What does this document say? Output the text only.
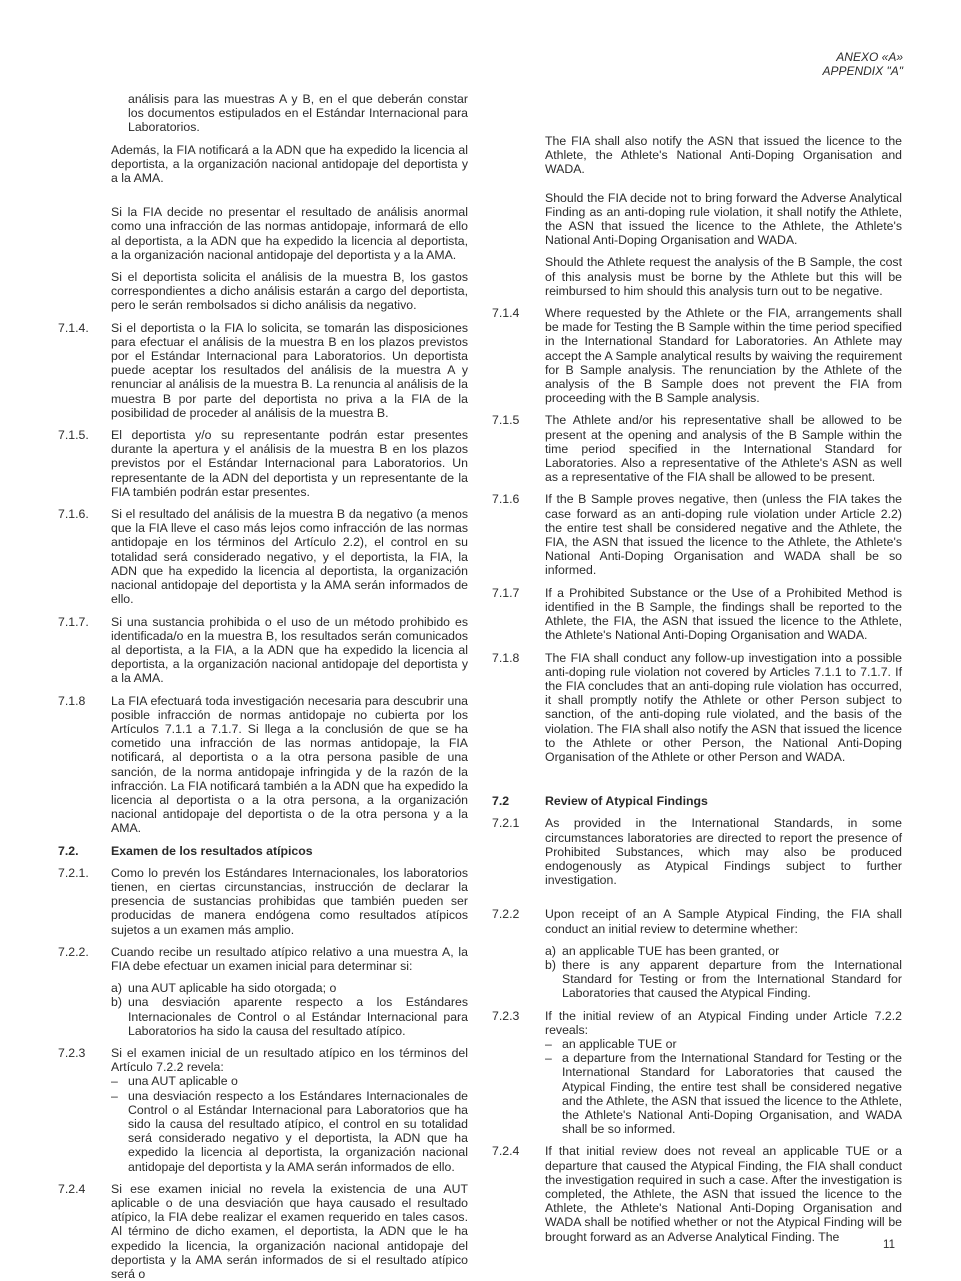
ANEXO «A»
APPENDIX "A"

análisis para las muestras A y B, en el que deberán constar los documentos estipulados en el Estándar Internacional para Laboratorios.

Además, la FIA notificará a la ADN que ha expedido la licencia al deportista, a la organización nacional antidopaje del deportista y a la AMA.

Si la FIA decide no presentar el resultado de análisis anormal como una infracción de las normas antidopaje, informará de ello al deportista, a la ADN que ha expedido la licencia al deportista, a la organización nacional antidopaje del deportista y a la AMA.

Si el deportista solicita el análisis de la muestra B, los gastos correspondientes a dicho análisis estarán a cargo del deportista, pero le serán rembolsados si dicho análisis da negativo.

7.1.4.	Si el deportista o la FIA lo solicita, se tomarán las disposiciones para efectuar el análisis de la muestra B en los plazos previstos por el Estándar Internacional para Laboratorios. Un deportista puede aceptar los resultados del análisis de la muestra A y renunciar al análisis de la muestra B. La renuncia al análisis de la muestra B por parte del deportista no priva a la FIA de la posibilidad de proceder al análisis de la muestra B.
7.1.5.	El deportista y/o su representante podrán estar presentes durante la apertura y el análisis de la muestra B en los plazos previstos por el Estándar Internacional para Laboratorios. Un representante de la ADN del deportista y un representante de la FIA también podrán estar presentes.
7.1.6.	Si el resultado del análisis de la muestra B da negativo (a menos que la FIA lleve el caso más lejos como infracción de las normas antidopaje en los términos del Artículo 2.2), el control en su totalidad será considerado negativo, y el deportista, la FIA, la ADN que ha expedido la licencia al deportista, la organización nacional antidopaje del deportista y la AMA serán informados de ello.
7.1.7.	Si una sustancia prohibida o el uso de un método prohibido es identificada/o en la muestra B, los resultados serán comunicados al deportista, a la FIA, a la ADN que ha expedido la licencia al deportista, a la organización nacional antidopaje del deportista y a la AMA.
7.1.8	La FIA efectuará toda investigación necesaria para descubrir una posible infracción de normas antidopaje no cubierta por los Artículos 7.1.1 a 7.1.7. Si llega a la conclusión de que se ha cometido una infracción de las normas antidopaje, la FIA notificará, al deportista o a la otra persona pasible de una sanción, de la norma antidopaje infringida y de la razón de la infracción. La FIA notificará también a la ADN que ha expedido la licencia al deportista o a la otra persona, a la organización nacional antidopaje del deportista o de la otra persona y a la AMA.
7.2.	Examen de los resultados atípicos
7.2.1.	Como lo prevén los Estándares Internacionales, los laboratorios tienen, en ciertas circunstancias, instrucción de declarar la presencia de sustancias prohibidas que también pueden ser producidas de manera endógena como resultados atípicos sujetos a un examen más amplio.
7.2.2.	Cuando recibe un resultado atípico relativo a una muestra A, la FIA debe efectuar un examen inicial para determinar si:
a) una AUT aplicable ha sido otorgada; o
b) una desviación aparente respecto a los Estándares Internacionales de Control o al Estándar Internacional para Laboratorios ha sido la causa del resultado atípico.
7.2.3	Si el examen inicial de un resultado atípico en los términos del Artículo 7.2.2 revela:
– una AUT aplicable o
– una desviación respecto a los Estándares Internacionales de Control o al Estándar Internacional para Laboratorios que ha sido la causa del resultado atípico, el control en su totalidad será considerado negativo y el deportista, la ADN que ha expedido la licencia al deportista, la organización nacional antidopaje del deportista y la AMA serán informados de ello.
7.2.4	Si ese examen inicial no revela la existencia de una AUT aplicable o de una desviación que haya causado el resultado atípico, la FIA debe realizar el examen requerido en tales casos. Al término de dicho examen, el deportista, la ADN que le ha expedido la licencia, la organización nacional antidopaje del deportista y la AMA serán informados de si el resultado atípico será o

The FIA shall also notify the ASN that issued the licence to the Athlete, the Athlete's National Anti-Doping Organisation and WADA.

Should the FIA decide not to bring forward the Adverse Analytical Finding as an anti-doping rule violation, it shall notify the Athlete, the ASN that issued the licence to the Athlete, the Athlete's National Anti-Doping Organisation and WADA.

Should the Athlete request the analysis of the B Sample, the cost of this analysis must be borne by the Athlete but this will be reimbursed to him should this analysis turn out to be negative.

7.1.4	Where requested by the Athlete or the FIA, arrangements shall be made for Testing the B Sample within the time period specified in the International Standard for Laboratories. An Athlete may accept the A Sample analytical results by waiving the requirement for B Sample analysis. The renunciation by the Athlete of the analysis of the B Sample does not prevent the FIA from proceeding with the B Sample analysis.
7.1.5	The Athlete and/or his representative shall be allowed to be present at the opening and analysis of the B Sample within the time period specified in the International Standard for Laboratories. Also a representative of the Athlete's ASN as well as a representative of the FIA shall be allowed to be present.
7.1.6	If the B Sample proves negative, then (unless the FIA takes the case forward as an anti-doping rule violation under Article 2.2) the entire test shall be considered negative and the Athlete, the FIA, the ASN that issued the licence to the Athlete, the Athlete's National Anti-Doping Organisation and WADA shall be so informed.
7.1.7	If a Prohibited Substance or the Use of a Prohibited Method is identified in the B Sample, the findings shall be reported to the Athlete, the FIA, the ASN that issued the licence to the Athlete, the Athlete's National Anti-Doping Organisation and WADA.
7.1.8	The FIA shall conduct any follow-up investigation into a possible anti-doping rule violation not covered by Articles 7.1.1 to 7.1.7. If the FIA concludes that an anti-doping rule violation has occurred, it shall promptly notify the Athlete or other Person subject to sanction, of the anti-doping rule violated, and the basis of the violation. The FIA shall also notify the ASN that issued the licence to the Athlete or other Person, the National Anti-Doping Organisation of the Athlete or other Person and WADA.
7.2	Review of Atypical Findings
7.2.1	As provided in the International Standards, in some circumstances laboratories are directed to report the presence of Prohibited Substances, which may also be produced endogenously as Atypical Findings subject to further investigation.
7.2.2	Upon receipt of an A Sample Atypical Finding, the FIA shall conduct an initial review to determine whether:
a) an applicable TUE has been granted, or
b) there is any apparent departure from the International Standard for Testing or from the International Standard for Laboratories that caused the Atypical Finding.
7.2.3	If the initial review of an Atypical Finding under Article 7.2.2 reveals:
– an applicable TUE or
– a departure from the International Standard for Testing or the International Standard for Laboratories that caused the Atypical Finding, the entire test shall be considered negative and the Athlete, the ASN that issued the licence to the Athlete, the Athlete's National Anti-Doping Organisation, and WADA shall be so informed.
7.2.4	If that initial review does not reveal an applicable TUE or a departure that caused the Atypical Finding, the FIA shall conduct the investigation required in such a case. After the investigation is completed, the Athlete, the ASN that issued the licence to the Athlete, the Athlete's National Anti-Doping Organisation and WADA shall be notified whether or not the Atypical Finding will be brought forward as an Adverse Analytical Finding. The
11
